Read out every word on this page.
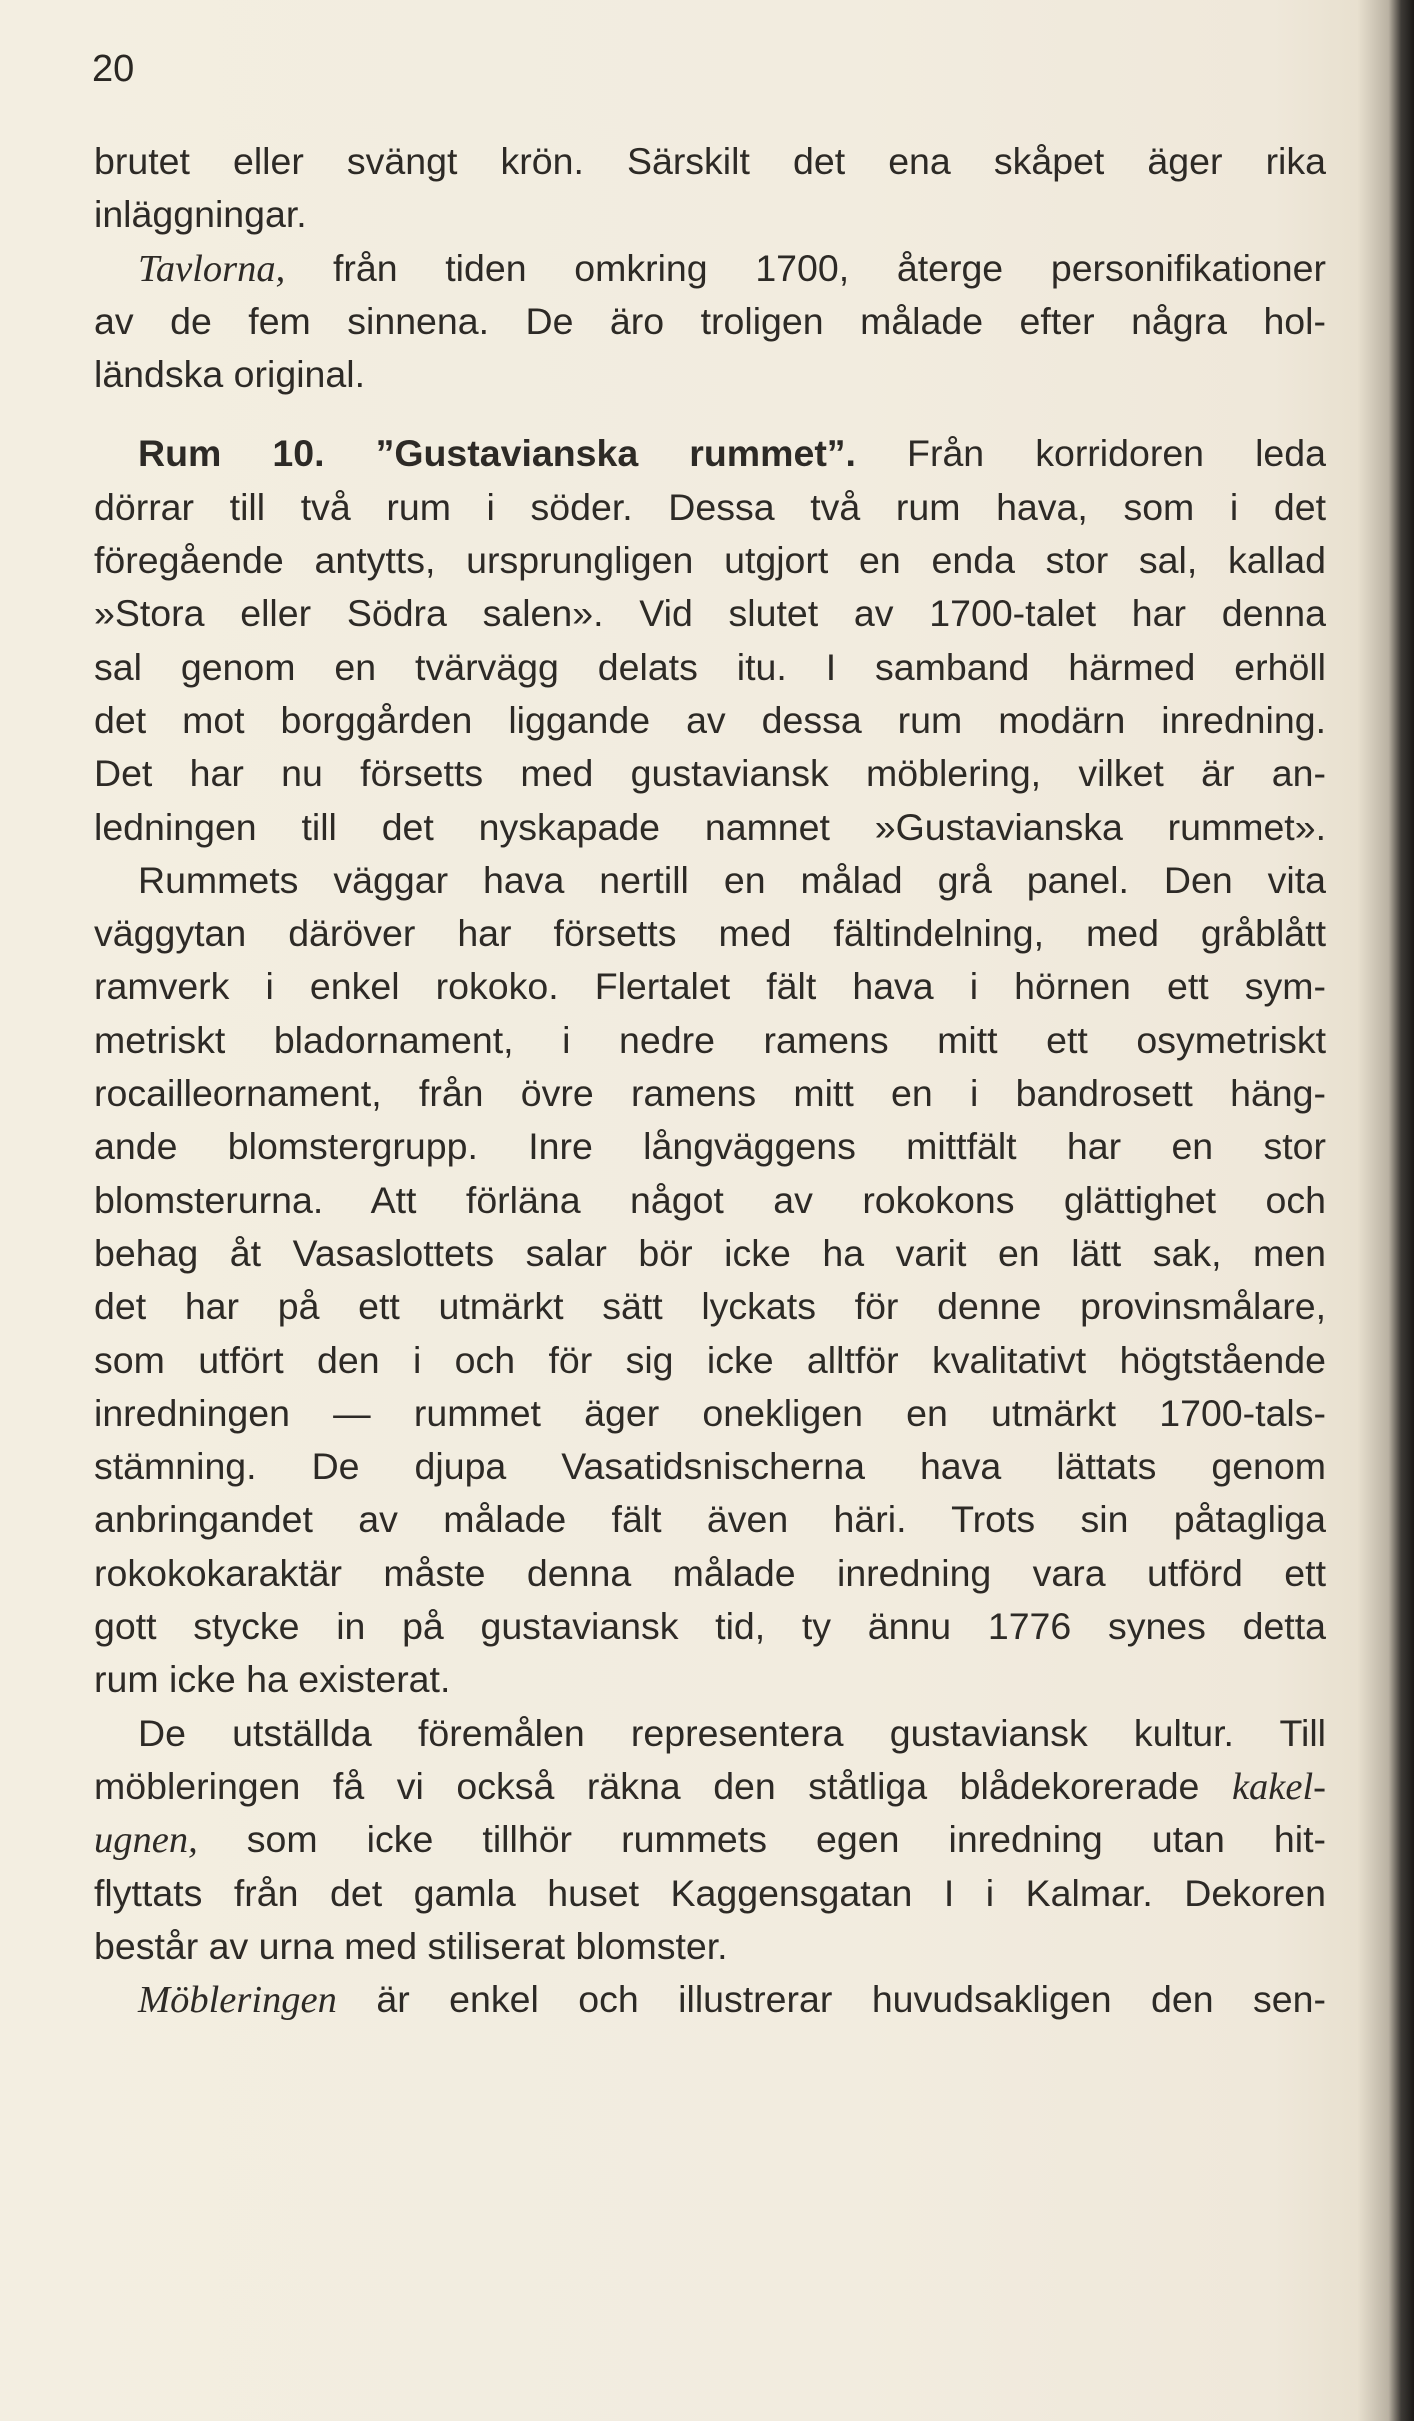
20
brutet eller svängt krön. Särskilt det ena skåpet äger rika
inläggningar.
Tavlorna, från tiden omkring 1700, återge personifikationer
av de fem sinnena. De äro troligen målade efter några hol-
ländska original.
Rum 10. ”Gustavianska rummet”. Från korridoren leda
dörrar till två rum i söder. Dessa två rum hava, som i det
föregående antytts, ursprungligen utgjort en enda stor sal, kallad
»Stora eller Södra salen». Vid slutet av 1700-talet har denna
sal genom en tvärvägg delats itu. I samband härmed erhöll
det mot borggården liggande av dessa rum modärn inredning.
Det har nu försetts med gustaviansk möblering, vilket är an-
ledningen till det nyskapade namnet »Gustavianska rummet».
Rummets väggar hava nertill en målad grå panel. Den vita
väggytan däröver har försetts med fältindelning, med gråblått
ramverk i enkel rokoko. Flertalet fält hava i hörnen ett sym-
metriskt bladornament, i nedre ramens mitt ett osymetriskt
rocailleornament, från övre ramens mitt en i bandrosett häng-
ande blomstergrupp. Inre långväggens mittfält har en stor
blomsterurna. Att förläna något av rokokons glättighet och
behag åt Vasaslottets salar bör icke ha varit en lätt sak, men
det har på ett utmärkt sätt lyckats för denne provinsmålare,
som utfört den i och för sig icke alltför kvalitativt högtstående
inredningen — rummet äger onekligen en utmärkt 1700-tals-
stämning. De djupa Vasatidsnischerna hava lättats genom
anbringandet av målade fält även häri. Trots sin påtagliga
rokokokaraktär måste denna målade inredning vara utförd ett
gott stycke in på gustaviansk tid, ty ännu 1776 synes detta
rum icke ha existerat.
De utställda föremålen representera gustaviansk kultur. Till
möbleringen få vi också räkna den ståtliga blådekorerade kakel-
ugnen, som icke tillhör rummets egen inredning utan hit-
flyttats från det gamla huset Kaggensgatan I i Kalmar. Dekoren
består av urna med stiliserat blomster.
Möbleringen är enkel och illustrerar huvudsakligen den sen-
